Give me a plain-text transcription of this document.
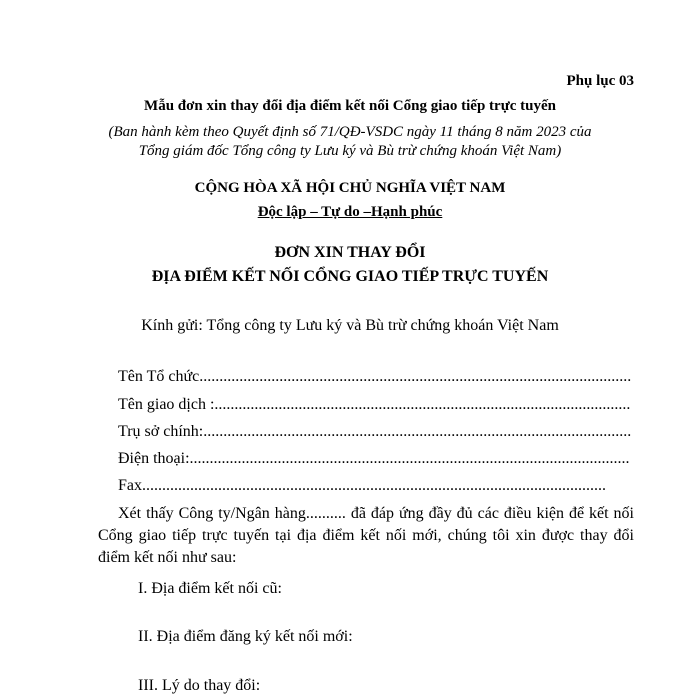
Phụ lục 03
Mẫu đơn xin thay đổi địa điểm kết nối Cổng giao tiếp trực tuyến
(Ban hành kèm theo Quyết định số 71/QĐ-VSDC ngày 11 tháng 8 năm 2023 của
Tổng giám đốc Tổng công ty Lưu ký và Bù trừ chứng khoán Việt Nam)
CỘNG HÒA XÃ HỘI CHỦ NGHĨA VIỆT NAM
Độc lập – Tự do –Hạnh phúc
ĐƠN XIN THAY ĐỔI
ĐỊA ĐIỂM KẾT NỐI CỔNG GIAO TIẾP TRỰC TUYẾN
Kính gửi: Tổng công ty Lưu ký và Bù trừ chứng khoán Việt Nam
Tên Tổ chức............................................................................................................
Tên giao dịch :........................................................................................................
Trụ sở chính:...........................................................................................................
Điện thoại:..............................................................................................................
Fax....................................................................................................................
Xét thấy Công ty/Ngân hàng.......... đã đáp ứng đầy đủ các điều kiện để kết nối Cổng giao tiếp trực tuyến tại địa điểm kết nối mới, chúng tôi xin được thay đổi điểm kết nối như sau:
I. Địa điểm kết nối cũ:
II. Địa điểm đăng ký kết nối mới:
III. Lý do thay đổi:
